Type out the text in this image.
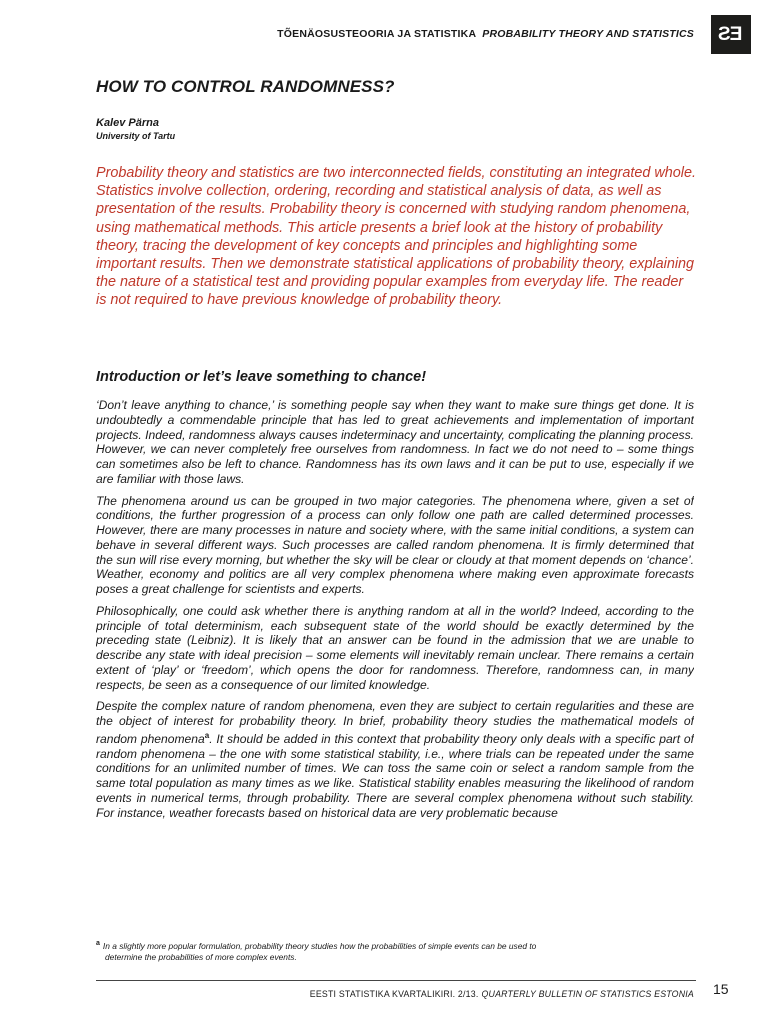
TÕENÄOSUSTEOORIA JA STATISTIKA PROBABILITY THEORY AND STATISTICS ES
HOW TO CONTROL RANDOMNESS?
Kalev Pärna
University of Tartu

Probability theory and statistics are two interconnected fields, constituting an integrated whole. Statistics involve collection, ordering, recording and statistical analysis of data, as well as presentation of the results. Probability theory is concerned with studying random phenomena, using mathematical methods. This article presents a brief look at the history of probability theory, tracing the development of key concepts and principles and highlighting some important results. Then we demonstrate statistical applications of probability theory, explaining the nature of a statistical test and providing popular examples from everyday life. The reader is not required to have previous knowledge of probability theory.

Introduction or let’s leave something to chance!

‘Don’t leave anything to chance,’ is something people say when they want to make sure things get done. It is undoubtedly a commendable principle that has led to great achievements and implementation of important projects. Indeed, randomness always causes indeterminacy and uncertainty, complicating the planning process. However, we can never completely free ourselves from randomness. In fact we do not need to – some things can sometimes also be left to chance. Randomness has its own laws and it can be put to use, especially if we are familiar with those laws.

The phenomena around us can be grouped in two major categories. The phenomena where, given a set of conditions, the further progression of a process can only follow one path are called determined processes. However, there are many processes in nature and society where, with the same initial conditions, a system can behave in several different ways. Such processes are called random phenomena. It is firmly determined that the sun will rise every morning, but whether the sky will be clear or cloudy at that moment depends on ‘chance’. Weather, economy and politics are all very complex phenomena where making even approximate forecasts poses a great challenge for scientists and experts.

Philosophically, one could ask whether there is anything random at all in the world? Indeed, according to the principle of total determinism, each subsequent state of the world should be exactly determined by the preceding state (Leibniz). It is likely that an answer can be found in the admission that we are unable to describe any state with ideal precision – some elements will inevitably remain unclear. There remains a certain extent of ‘play’ or ‘freedom’, which opens the door for randomness. Therefore, randomness can, in many respects, be seen as a consequence of our limited knowledge.

Despite the complex nature of random phenomena, even they are subject to certain regularities and these are the object of interest for probability theory. In brief, probability theory studies the mathematical models of random phenomena$^a$. It should be added in this context that probability theory only deals with a specific part of random phenomena – the one with some statistical stability, i.e., where trials can be repeated under the same conditions for an unlimited number of times. We can toss the same coin or select a random sample from the same total population as many times as we like. Statistical stability enables measuring the likelihood of random events in numerical terms, through probability. There are several complex phenomena without such stability. For instance, weather forecasts based on historical data are very problematic because

$^a$ In a slightly more popular formulation, probability theory studies how the probabilities of simple events can be used to
determine the probabilities of more complex events.
EESTI STATISTIKA KVARTALIKIRI. 2/13. QUARTERLY BULLETIN OF STATISTICS ESTONIA 15
